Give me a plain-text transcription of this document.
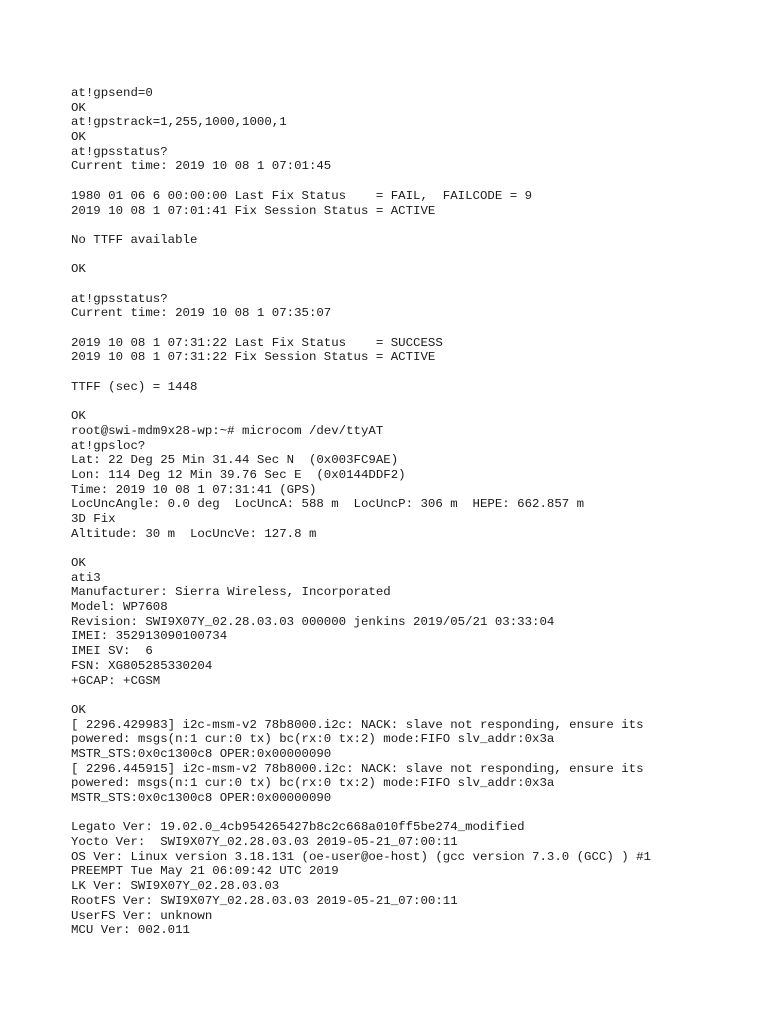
at!gpsend=0
OK
at!gpstrack=1,255,1000,1000,1
OK
at!gpsstatus?
Current time: 2019 10 08 1 07:01:45
1980 01 06 6 00:00:00 Last Fix Status    = FAIL,  FAILCODE = 9
2019 10 08 1 07:01:41 Fix Session Status = ACTIVE
No TTFF available
OK
at!gpsstatus?
Current time: 2019 10 08 1 07:35:07
2019 10 08 1 07:31:22 Last Fix Status    = SUCCESS
2019 10 08 1 07:31:22 Fix Session Status = ACTIVE
TTFF (sec) = 1448
OK
root@swi-mdm9x28-wp:~# microcom /dev/ttyAT
at!gpsloc?
Lat: 22 Deg 25 Min 31.44 Sec N  (0x003FC9AE)
Lon: 114 Deg 12 Min 39.76 Sec E  (0x0144DDF2)
Time: 2019 10 08 1 07:31:41 (GPS)
LocUncAngle: 0.0 deg  LocUncA: 588 m  LocUncP: 306 m  HEPE: 662.857 m
3D Fix
Altitude: 30 m  LocUncVe: 127.8 m
OK
ati3
Manufacturer: Sierra Wireless, Incorporated
Model: WP7608
Revision: SWI9X07Y_02.28.03.03 000000 jenkins 2019/05/21 03:33:04
IMEI: 352913090100734
IMEI SV:  6
FSN: XG805285330204
+GCAP: +CGSM
OK
[ 2296.429983] i2c-msm-v2 78b8000.i2c: NACK: slave not responding, ensure its
powered: msgs(n:1 cur:0 tx) bc(rx:0 tx:2) mode:FIFO slv_addr:0x3a
MSTR_STS:0x0c1300c8 OPER:0x00000090
[ 2296.445915] i2c-msm-v2 78b8000.i2c: NACK: slave not responding, ensure its
powered: msgs(n:1 cur:0 tx) bc(rx:0 tx:2) mode:FIFO slv_addr:0x3a
MSTR_STS:0x0c1300c8 OPER:0x00000090
Legato Ver: 19.02.0_4cb954265427b8c2c668a010ff5be274_modified
Yocto Ver:  SWI9X07Y_02.28.03.03 2019-05-21_07:00:11
OS Ver: Linux version 3.18.131 (oe-user@oe-host) (gcc version 7.3.0 (GCC) ) #1
PREEMPT Tue May 21 06:09:42 UTC 2019
LK Ver: SWI9X07Y_02.28.03.03
RootFS Ver: SWI9X07Y_02.28.03.03 2019-05-21_07:00:11
UserFS Ver: unknown
MCU Ver: 002.011
